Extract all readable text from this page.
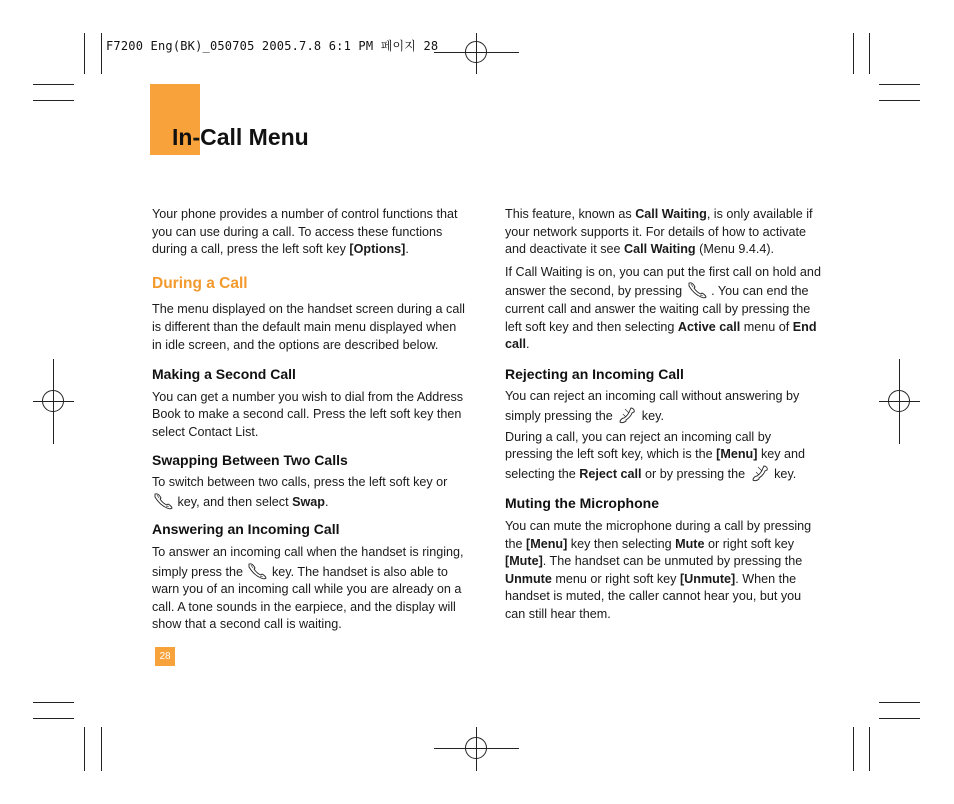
F7200 Eng(BK)_050705 2005.7.8 6:1 PM 페이지 28
In-Call Menu

Your phone provides a number of control functions that you can use during a call. To access these functions during a call, press the left soft key [Options].

During a Call

The menu displayed on the handset screen during a call is different than the default main menu displayed when in idle screen, and the options are described below.

Making a Second Call

You can get a number you wish to dial from the Address Book to make a second call. Press the left soft key then select Contact List.

Swapping Between Two Calls

To switch between two calls, press the left soft key or
key, and then select Swap.

Answering an Incoming Call

To answer an incoming call when the handset is ringing, simply press the  key. The handset is also able to warn you of an incoming call while you are already on a call. A tone sounds in the earpiece, and the display will show that a second call is waiting.

This feature, known as Call Waiting, is only available if your network supports it. For details of how to activate and deactivate it see Call Waiting (Menu 9.4.4).

If Call Waiting is on, you can put the first call on hold and answer the second, by pressing  . You can end the current call and answer the waiting call by pressing the left soft key and then selecting Active call menu of End call.

Rejecting an Incoming Call

You can reject an incoming call without answering by simply pressing the  key.

During a call, you can reject an incoming call by pressing the left soft key, which is the [Menu] key and selecting the Reject call or by pressing the  key.

Muting the Microphone

You can mute the microphone during a call by pressing the [Menu] key then selecting Mute or right soft key [Mute]. The handset can be unmuted by pressing the Unmute menu or right soft key [Unmute]. When the handset is muted, the caller cannot hear you, but you can still hear them.

28
